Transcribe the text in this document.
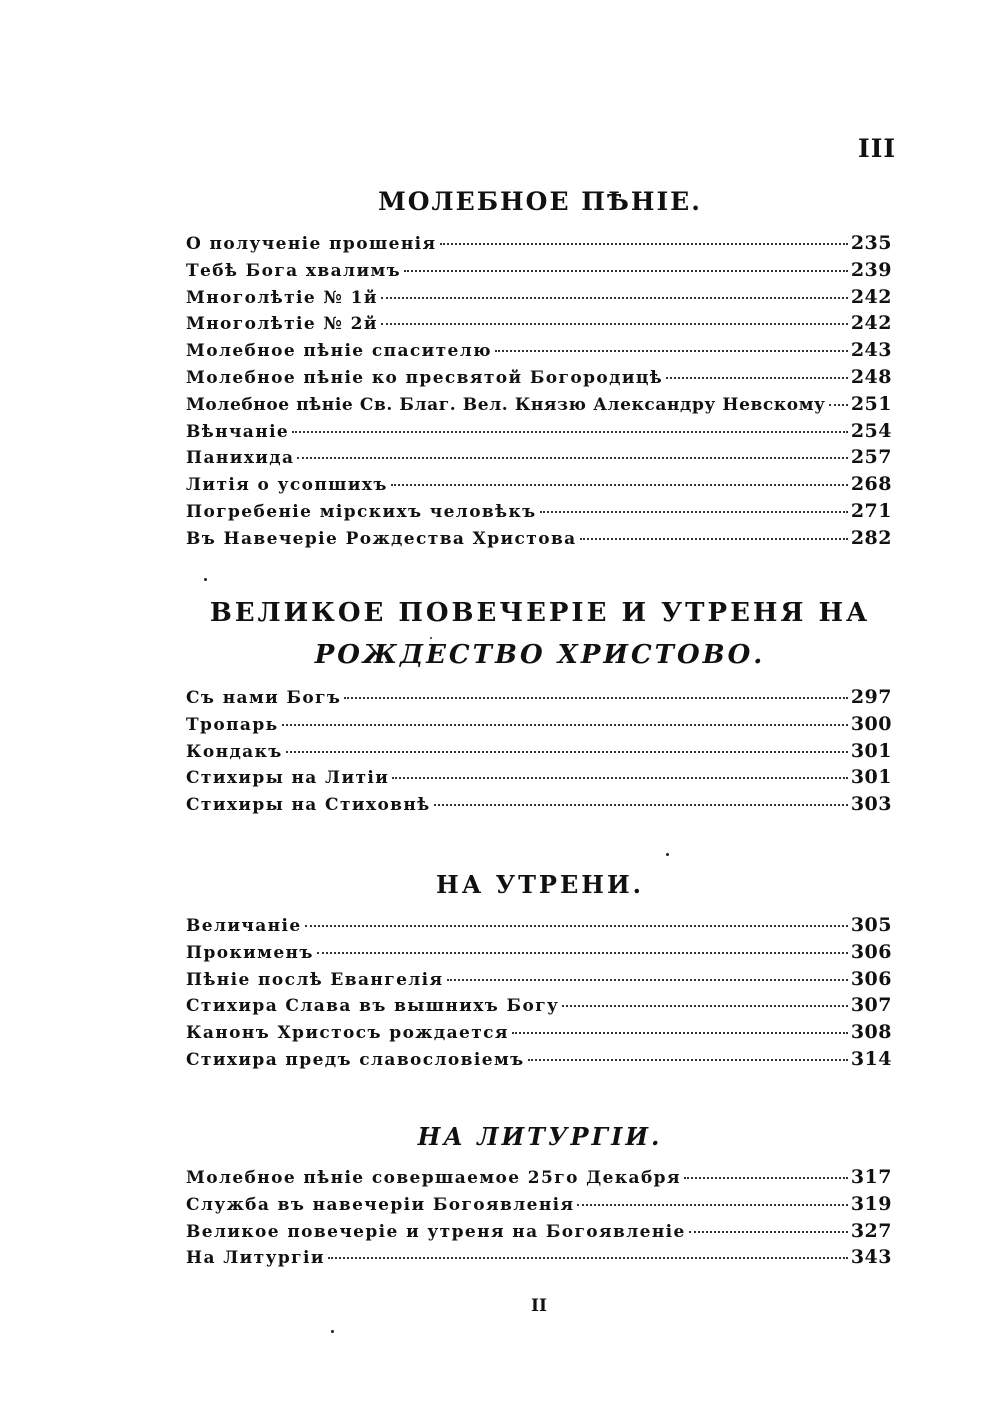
III
МОЛЕБНОЕ ПѢНІЕ.
О полученіе прошенія	235
Тебѣ Бога хвалимъ	239
Многолѣтіе № 1й	242
Многолѣтіе № 2й	242
Молебное пѣніе спасителю	243
Молебное пѣніе ко пресвятой Богородицѣ	248
Молебное пѣніе Св. Благ. Вел. Князю Александру Невскому 251
Вѣнчаніе	254
Панихида	257
Литія о усопшихъ	268
Погребеніе мірскихъ человѣкъ	271
Въ Навечеріе Рождества Христова	282
ВЕЛИКОЕ ПОВЕЧЕРІЕ И УТРЕНЯ НА
РОЖДЕСТВО ХРИСТОВО.
Съ нами Богъ	297
Тропарь	300
Кондакъ	301
Стихиры на Литіи	301
Стихиры на Стиховнѣ	303
НА УТРЕНИ.
Величаніе	305
Прокименъ	306
Пѣніе послѣ Евангелія	306
Стихира Слава въ вышнихъ Богу	307
Канонъ Христосъ рождается	308
Стихира предъ славословіемъ	314
НА ЛИТУРГІИ.
Молебное пѣніе совершаемое 25го Декабря	317
Служба въ навечеріи Богоявленія	319
Великое повечеріе и утреня на Богоявленіе	327
На Литургіи	343
II
